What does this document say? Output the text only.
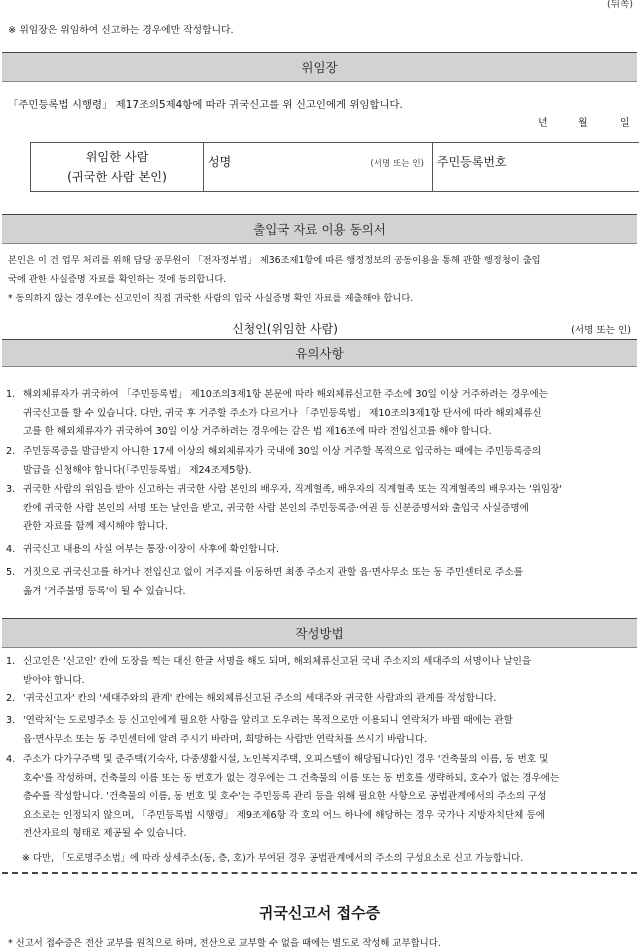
(뒤쪽)
※ 위임장은 위임하여 신고하는 경우에만 작성합니다.
위임장
「주민등록법 시행령」 제17조의5제4항에 따라 귀국신고를 위 신고인에게 위임합니다.
년	월	일
위임한 사람
(귀국한 사람 본인)

성명	(서명 또는 인)	주민등록번호
출입국 자료 이용 동의서
본인은 이 건 업무 처리를 위해 담당 공무원이 「전자정부법」 제36조제1항에 따른 행정정보의 공동이용을 통해 관할 행정청이 출입
국에 관한 사실증명 자료를 확인하는 것에 동의합니다.
* 동의하지 않는 경우에는 신고인이 직접 귀국한 사람의 입국 사실증명 확인 자료를 제출해야 합니다.
신청인(위임한 사람)	(서명 또는 인)
유의사항
1. 해외체류자가 귀국하여 「주민등록법」 제10조의3제1항 본문에 따라 해외체류신고한 주소에 30일 이상 거주하려는 경우에는
귀국신고를 할 수 있습니다. 다만, 귀국 후 거주할 주소가 다르거나 「주민등록법」 제10조의3제1항 단서에 따라 해외체류신
고를 한 해외체류자가 귀국하여 30일 이상 거주하려는 경우에는 같은 법 제16조에 따라 전입신고를 해야 합니다.
2. 주민등록증을 발급받지 아니한 17세 이상의 해외체류자가 국내에 30일 이상 거주할 목적으로 입국하는 때에는 주민등록증의
발급을 신청해야 합니다(「주민등록법」 제24조제5항).
3. 귀국한 사람의 위임을 받아 신고하는 귀국한 사람 본인의 배우자, 직계혈족, 배우자의 직계혈족 또는 직계혈족의 배우자는 '위임장'
칸에 귀국한 사람 본인의 서명 또는 날인을 받고, 귀국한 사람 본인의 주민등록증·여권 등 신분증명서와 출입국 사실증명에
관한 자료를 함께 제시해야 합니다.
4. 귀국신고 내용의 사실 여부는 통장·이장이 사후에 확인합니다.
5. 거짓으로 귀국신고를 하거나 전입신고 없이 거주지를 이동하면 최종 주소지 관할 읍·면사무소 또는 동 주민센터로 주소를
옮겨 '거주불명 등록'이 될 수 있습니다.
작성방법
1. 신고인은 '신고인' 칸에 도장을 찍는 대신 한글 서명을 해도 되며, 해외체류신고된 국내 주소지의 세대주의 서명이나 날인을
받아야 합니다.
2. '귀국신고자' 칸의 '세대주와의 관계' 칸에는 해외체류신고된 주소의 세대주와 귀국한 사람과의 관계를 작성합니다.
3. '연락처'는 도로명주소 등 신고인에게 필요한 사항을 알리고 도우려는 목적으로만 이용되니 연락처가 바뀔 때에는 관할
읍·면사무소 또는 동 주민센터에 알려 주시기 바라며, 희망하는 사람만 연락처를 쓰시기 바랍니다.
4. 주소가 다가구주택 및 준주택(기숙사, 다중생활시설, 노인복지주택, 오피스텔이 해당됩니다)인 경우 '건축물의 이름, 동 번호 및
호수'를 작성하며, 건축물의 이름 또는 동 번호가 없는 경우에는 그 건축물의 이름 또는 동 번호를 생략하되, 호수가 없는 경우에는
층수를 작성합니다. '건축물의 이름, 동 번호 및 호수'는 주민등록 관리 등을 위해 필요한 사항으로 공법관계에서의 주소의 구성
요소로는 인정되지 않으며, 「주민등록법 시행령」 제9조제6항 각 호의 어느 하나에 해당하는 경우 국가나 지방자치단체 등에
전산자료의 형태로 제공될 수 있습니다.
※ 다만, 「도로명주소법」에 따라 상세주소(동, 층, 호)가 부여된 경우 공법관계에서의 주소의 구성요소로 신고 가능합니다.
귀국신고서 접수증
* 신고서 접수증은 전산 교부를 원칙으로 하며, 전산으로 교부할 수 없을 때에는 별도로 작성해 교부합니다.
